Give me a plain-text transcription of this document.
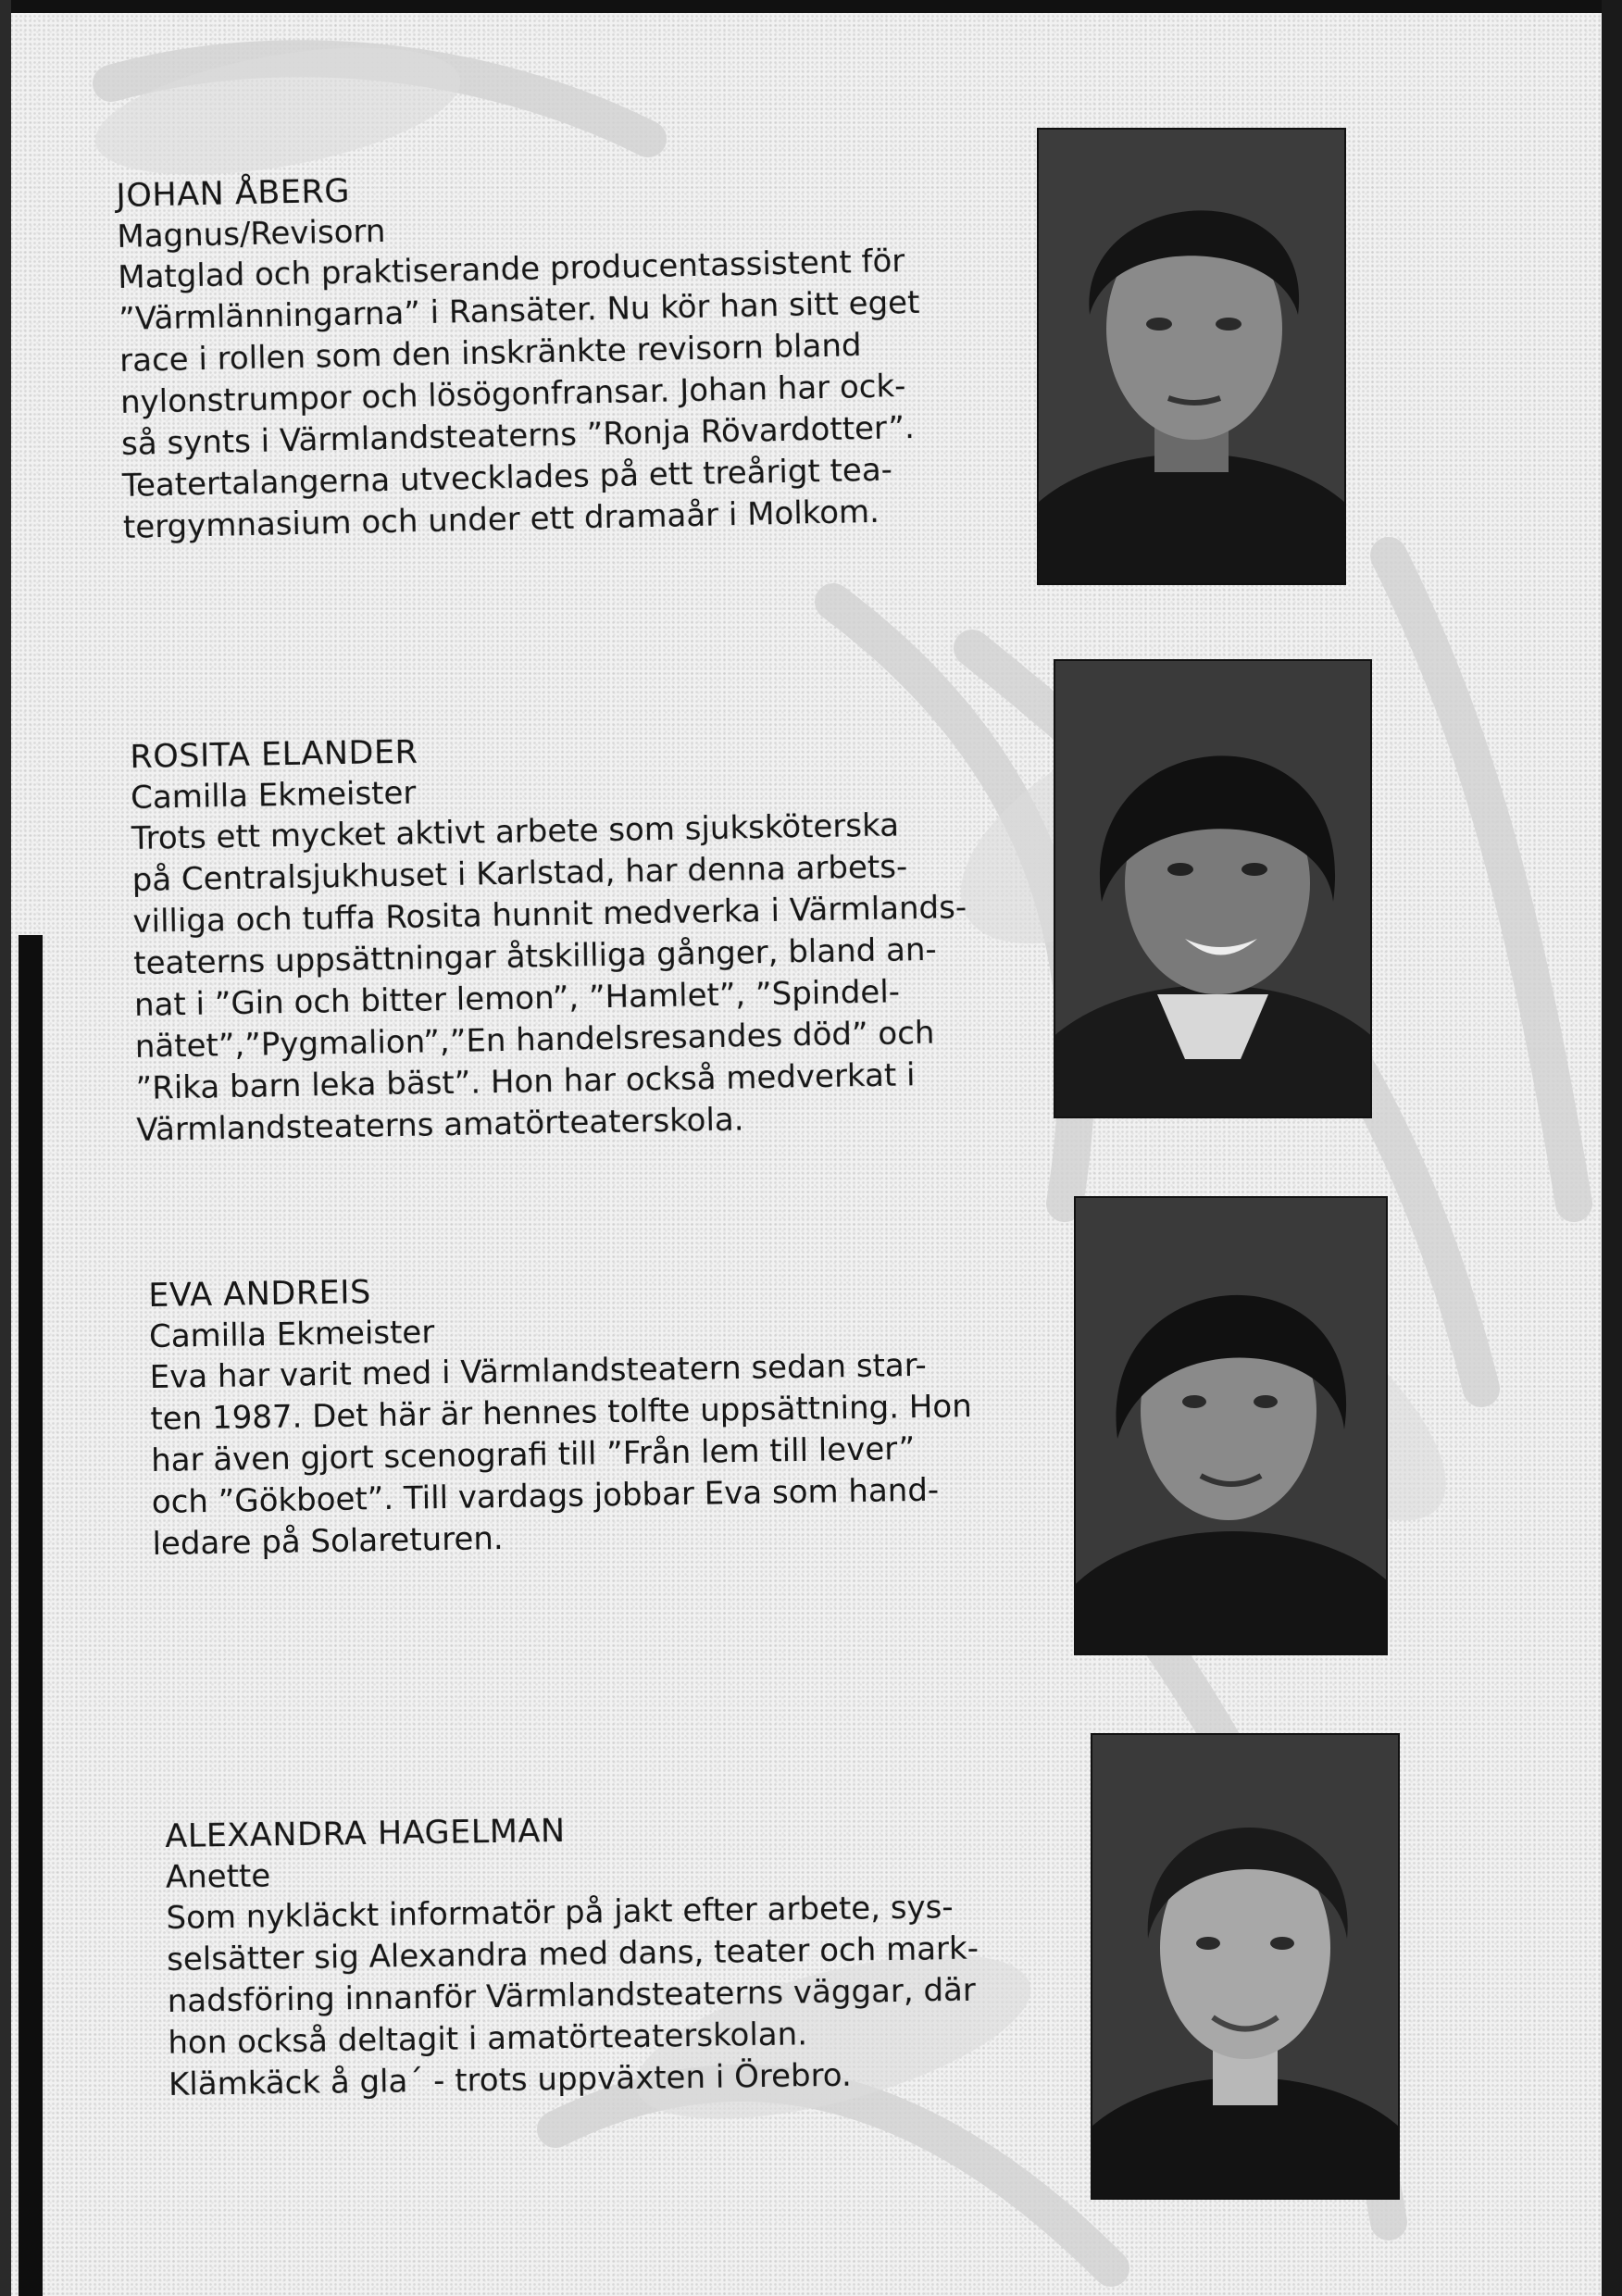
JOHAN ÅBERG
Magnus/Revisorn
Matglad och praktiserande producentassistent för
”Värmlänningarna” i Ransäter. Nu kör han sitt eget
race i rollen som den inskränkte revisorn bland
nylonstrumpor och lösögonfransar. Johan har ock-
så synts i Värmlandsteaterns ”Ronja Rövardotter”.
Teatertalangerna utvecklades på ett treårigt tea-
tergymnasium och under ett dramaår i Molkom.
ROSITA ELANDER
Camilla Ekmeister
Trots ett mycket aktivt arbete som sjuksköterska
på Centralsjukhuset i Karlstad, har denna arbets-
villiga och tuffa Rosita hunnit medverka i Värmlands-
teaterns uppsättningar åtskilliga gånger, bland an-
nat i ”Gin och bitter lemon”, ”Hamlet”, ”Spindel-
nätet”,”Pygmalion”,”En handelsresandes död” och
”Rika barn leka bäst”. Hon har också medverkat i
Värmlandsteaterns amatörteaterskola.
EVA ANDREIS
Camilla Ekmeister
Eva har varit med i Värmlandsteatern sedan star-
ten 1987. Det här är hennes tolfte uppsättning. Hon
har även gjort scenografi till ”Från lem till lever”
och ”Gökboet”. Till vardags jobbar Eva som hand-
ledare på Solareturen.
ALEXANDRA HAGELMAN
Anette
Som nykläckt informatör på jakt efter arbete, sys-
selsätter sig Alexandra med dans, teater och mark-
nadsföring innanför Värmlandsteaterns väggar, där
hon också deltagit i amatörteaterskolan.
Klämkäck å gla´ - trots uppväxten i Örebro.
